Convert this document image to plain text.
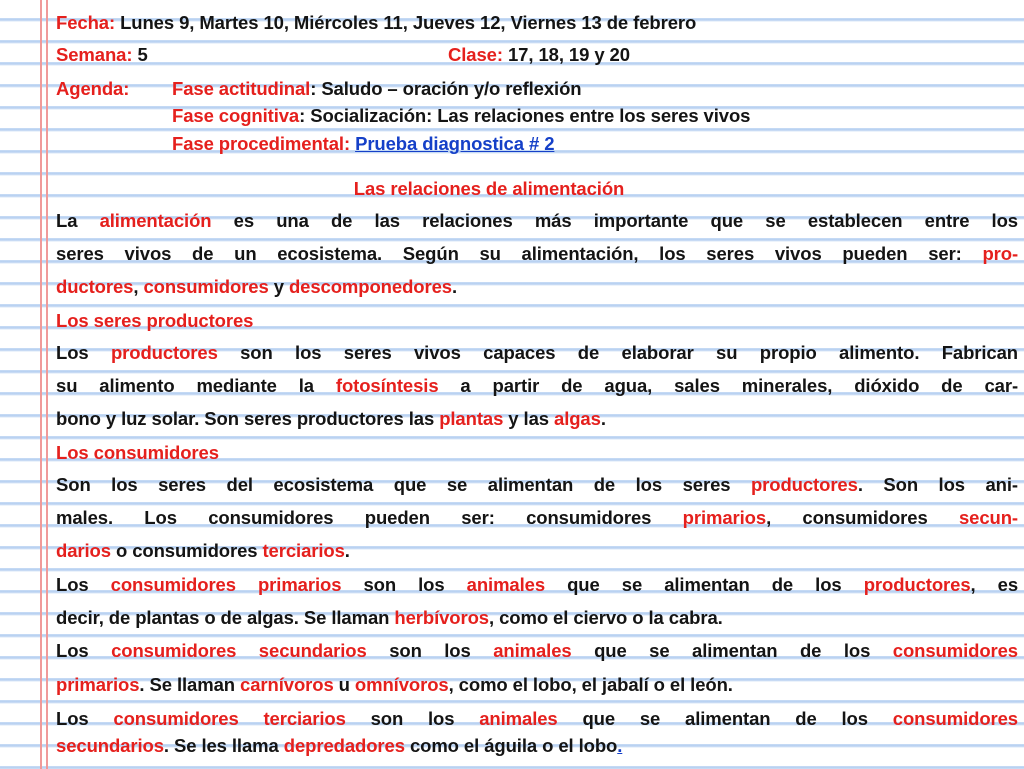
Fecha: Lunes 9, Martes 10, Miércoles 11, Jueves 12, Viernes 13 de febrero
Semana: 5	Clase: 17, 18, 19 y 20
Agenda: Fase actitudinal: Saludo – oración y/o reflexión
Fase cognitiva: Socialización: Las relaciones entre los seres vivos
Fase procedimental: Prueba diagnostica # 2
Las relaciones de alimentación
La alimentación es una de las relaciones más importante que se establecen entre los
seres vivos de un ecosistema. Según su alimentación, los seres vivos pueden ser: pro-
ductores, consumidores y descomponedores.
Los seres productores
Los productores son los seres vivos capaces de elaborar su propio alimento. Fabrican
su alimento mediante la fotosíntesis a partir de agua, sales minerales, dióxido de car-
bono y luz solar. Son seres productores las plantas y las algas.
Los consumidores
Son los seres del ecosistema que se alimentan de los seres productores. Son los ani-
males. Los consumidores pueden ser: consumidores primarios, consumidores secun-
darios o consumidores terciarios.
Los consumidores primarios son los animales que se alimentan de los productores, es
decir, de plantas o de algas. Se llaman herbívoros, como el ciervo o la cabra.
Los consumidores secundarios son los animales que se alimentan de los consumidores
primarios. Se llaman carnívoros u omnívoros, como el lobo, el jabalí o el león.
Los consumidores terciarios son los animales que se alimentan de los consumidores
secundarios. Se les llama depredadores como el águila o el lobo.
